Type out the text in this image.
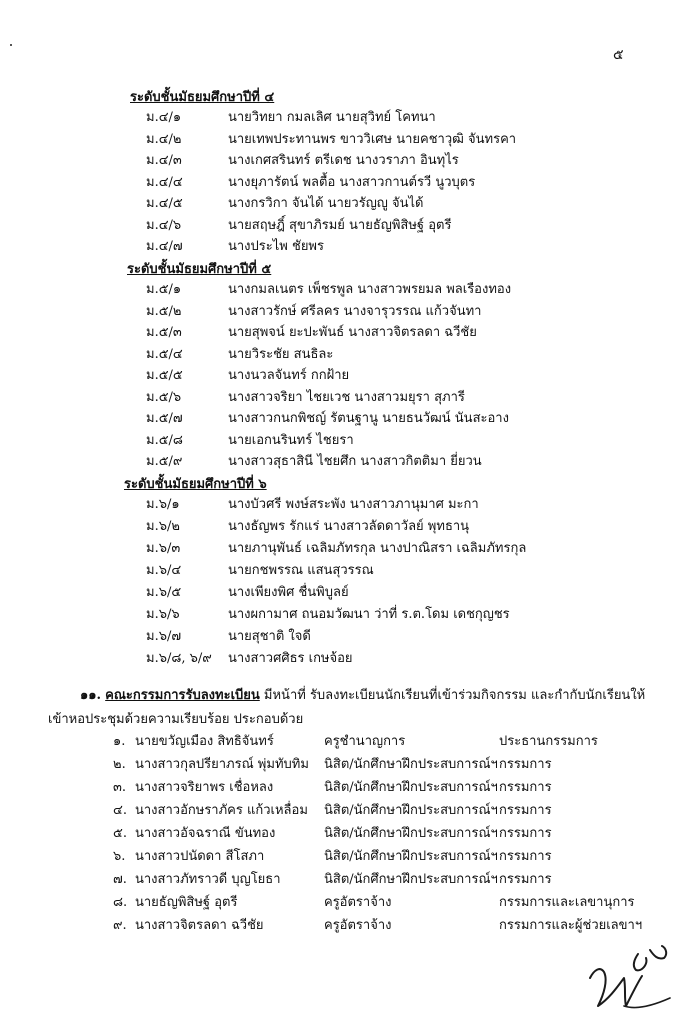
๕
ระดับชั้นมัธยมศึกษาปีที่ ๔
ม.๔/๑	นายวิทยา กมลเลิศ นายสุวิทย์ โคทนา
ม.๔/๒	นายเทพประทานพร ขาววิเศษ นายคชาวุฒิ จันทรคา
ม.๔/๓	นางเกศสรินทร์ ตรีเดช นางวราภา อินทุไร
ม.๔/๔	นางยุภารัตน์ พลตื้อ นางสาวกานต์รวี นูวบุตร
ม.๔/๕	นางกรวิกา จันได้ นายวรัญญู จันได้
ม.๔/๖	นายสฤษฎิ์ สุขาภิรมย์ นายธัญพิสิษฐ์ อุตรี
ม.๔/๗	นางประไพ ชัยพร
ระดับชั้นมัธยมศึกษาปีที่ ๕
ม.๕/๑	นางกมลเนตร เพ็ชรพูล นางสาวพรยมล พลเรืองทอง
ม.๕/๒	นางสาวรักษ์ ศรีลคร นางจารุวรรณ แก้วจันทา
ม.๕/๓	นายสุพจน์ ยะปะพันธ์ นางสาวจิตรลดา ฉวีชัย
ม.๕/๔	นายวิระชัย สนธิละ
ม.๕/๕	นางนวลจันทร์ กกฝ้าย
ม.๕/๖	นางสาวจริยา ไชยเวช นางสาวมยุรา สุภารี
ม.๕/๗	นางสาวกนกพิชญ์ รัตนฐานู นายธนวัฒน์ นันสะอาง
ม.๕/๘	นายเอกนรินทร์ ไชยรา
ม.๕/๙	นางสาวสุธาสินี ไชยศึก นางสาวกิตติมา ยี่ยวน
ระดับชั้นมัธยมศึกษาปีที่ ๖
ม.๖/๑	นางบัวศรี พงษ์สระพัง นางสาวภานุมาศ มะกา
ม.๖/๒	นางธัญพร รักแร่ นางสาวลัดดาวัลย์ พุทธานุ
ม.๖/๓	นายภานุพันธ์ เฉลิมภัทรกุล นางปาณิสรา เฉลิมภัทรกุล
ม.๖/๔	นายกชพรรณ แสนสุวรรณ
ม.๖/๕	นางเพียงพิศ ชื่นพิบูลย์
ม.๖/๖	นางผกามาศ ถนอมวัฒนา ว่าที่ ร.ต.โดม เดชกุญชร
ม.๖/๗	นายสุชาติ ใจดี
ม.๖/๘, ๖/๙ นางสาวศศิธร เกษจ้อย
๑๑. คณะกรรมการรับลงทะเบียน มีหน้าที่ รับลงทะเบียนนักเรียนที่เข้าร่วมกิจกรรม และกำกับนักเรียนให้เข้าหอประชุมด้วยความเรียบร้อย ประกอบด้วย
๑. นายขวัญเมือง สิทธิจันทร์	ครูชำนาญการ	ประธานกรรมการ
๒. นางสาวกุลปรียาภรณ์ พุ่มทับทิม นิสิต/นักศึกษาฝึกประสบการณ์ฯ กรรมการ
๓. นางสาวจริยาพร เชื่อหลง	นิสิต/นักศึกษาฝึกประสบการณ์ฯ กรรมการ
๔. นางสาวอักษราภัคร แก้วเหลื่อม นิสิต/นักศึกษาฝึกประสบการณ์ฯ กรรมการ
๕. นางสาวอัจฉราณี ขันทอง	นิสิต/นักศึกษาฝึกประสบการณ์ฯ กรรมการ
๖. นางสาวปนัดดา สีโสภา	นิสิต/นักศึกษาฝึกประสบการณ์ฯ กรรมการ
๗. นางสาวภัทราวดี บุญโยธา	นิสิต/นักศึกษาฝึกประสบการณ์ฯ กรรมการ
๘. นายธัญพิสิษฐ์ อุตรี	ครูอัตราจ้าง	กรรมการและเลขานุการ
๙. นางสาวจิตรลดา ฉวีชัย	ครูอัตราจ้าง	กรรมการและผู้ช่วยเลขาฯ
